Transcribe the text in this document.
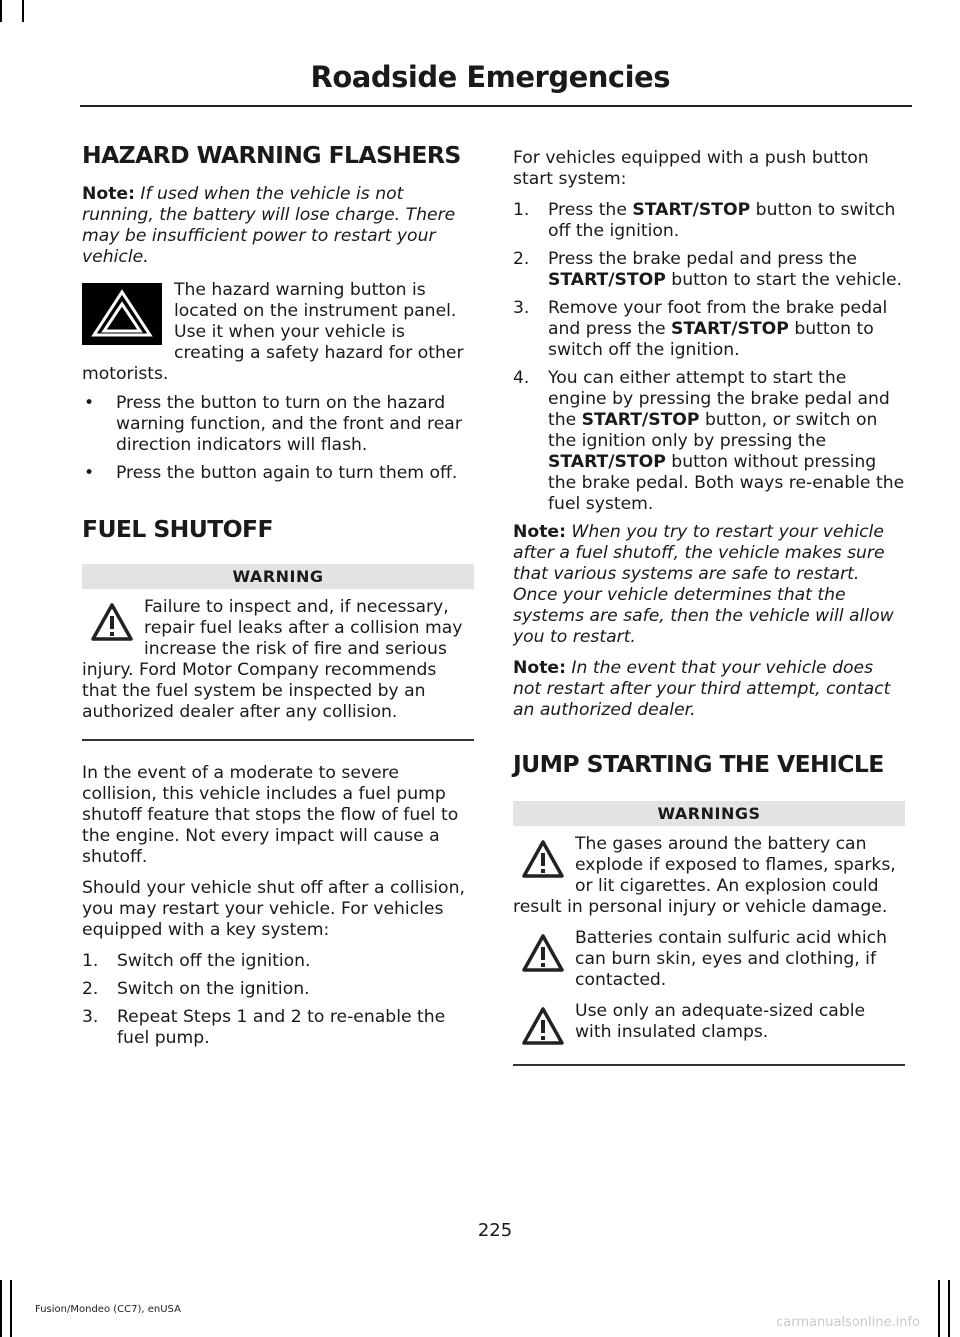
Roadside Emergencies
HAZARD WARNING FLASHERS

Note: If used when the vehicle is not running, the battery will lose charge. There may be insufficient power to restart your vehicle.

The hazard warning button is located on the instrument panel. Use it when your vehicle is creating a safety hazard for other motorists.
• Press the button to turn on the hazard warning function, and the front and rear direction indicators will flash.
• Press the button again to turn them off.
FUEL SHUTOFF
WARNING
Failure to inspect and, if necessary, repair fuel leaks after a collision may increase the risk of fire and serious injury. Ford Motor Company recommends that the fuel system be inspected by an authorized dealer after any collision.

In the event of a moderate to severe collision, this vehicle includes a fuel pump shutoff feature that stops the flow of fuel to the engine. Not every impact will cause a shutoff.

Should your vehicle shut off after a collision, you may restart your vehicle. For vehicles equipped with a key system:

1. Switch off the ignition.
2. Switch on the ignition.
3. Repeat Steps 1 and 2 to re-enable the fuel pump.

For vehicles equipped with a push button start system:

1. Press the START/STOP button to switch off the ignition.
2. Press the brake pedal and press the START/STOP button to start the vehicle.
3. Remove your foot from the brake pedal and press the START/STOP button to switch off the ignition.
4. You can either attempt to start the engine by pressing the brake pedal and the START/STOP button, or switch on the ignition only by pressing the START/STOP button without pressing the brake pedal. Both ways re-enable the fuel system.

Note: When you try to restart your vehicle after a fuel shutoff, the vehicle makes sure that various systems are safe to restart. Once your vehicle determines that the systems are safe, then the vehicle will allow you to restart.

Note: In the event that your vehicle does not restart after your third attempt, contact an authorized dealer.

JUMP STARTING THE VEHICLE
WARNINGS
The gases around the battery can explode if exposed to flames, sparks, or lit cigarettes. An explosion could result in personal injury or vehicle damage.
Batteries contain sulfuric acid which can burn skin, eyes and clothing, if contacted.
Use only an adequate-sized cable with insulated clamps.
225
Fusion/Mondeo (CC7), enUSA
carmanualsonline.info
